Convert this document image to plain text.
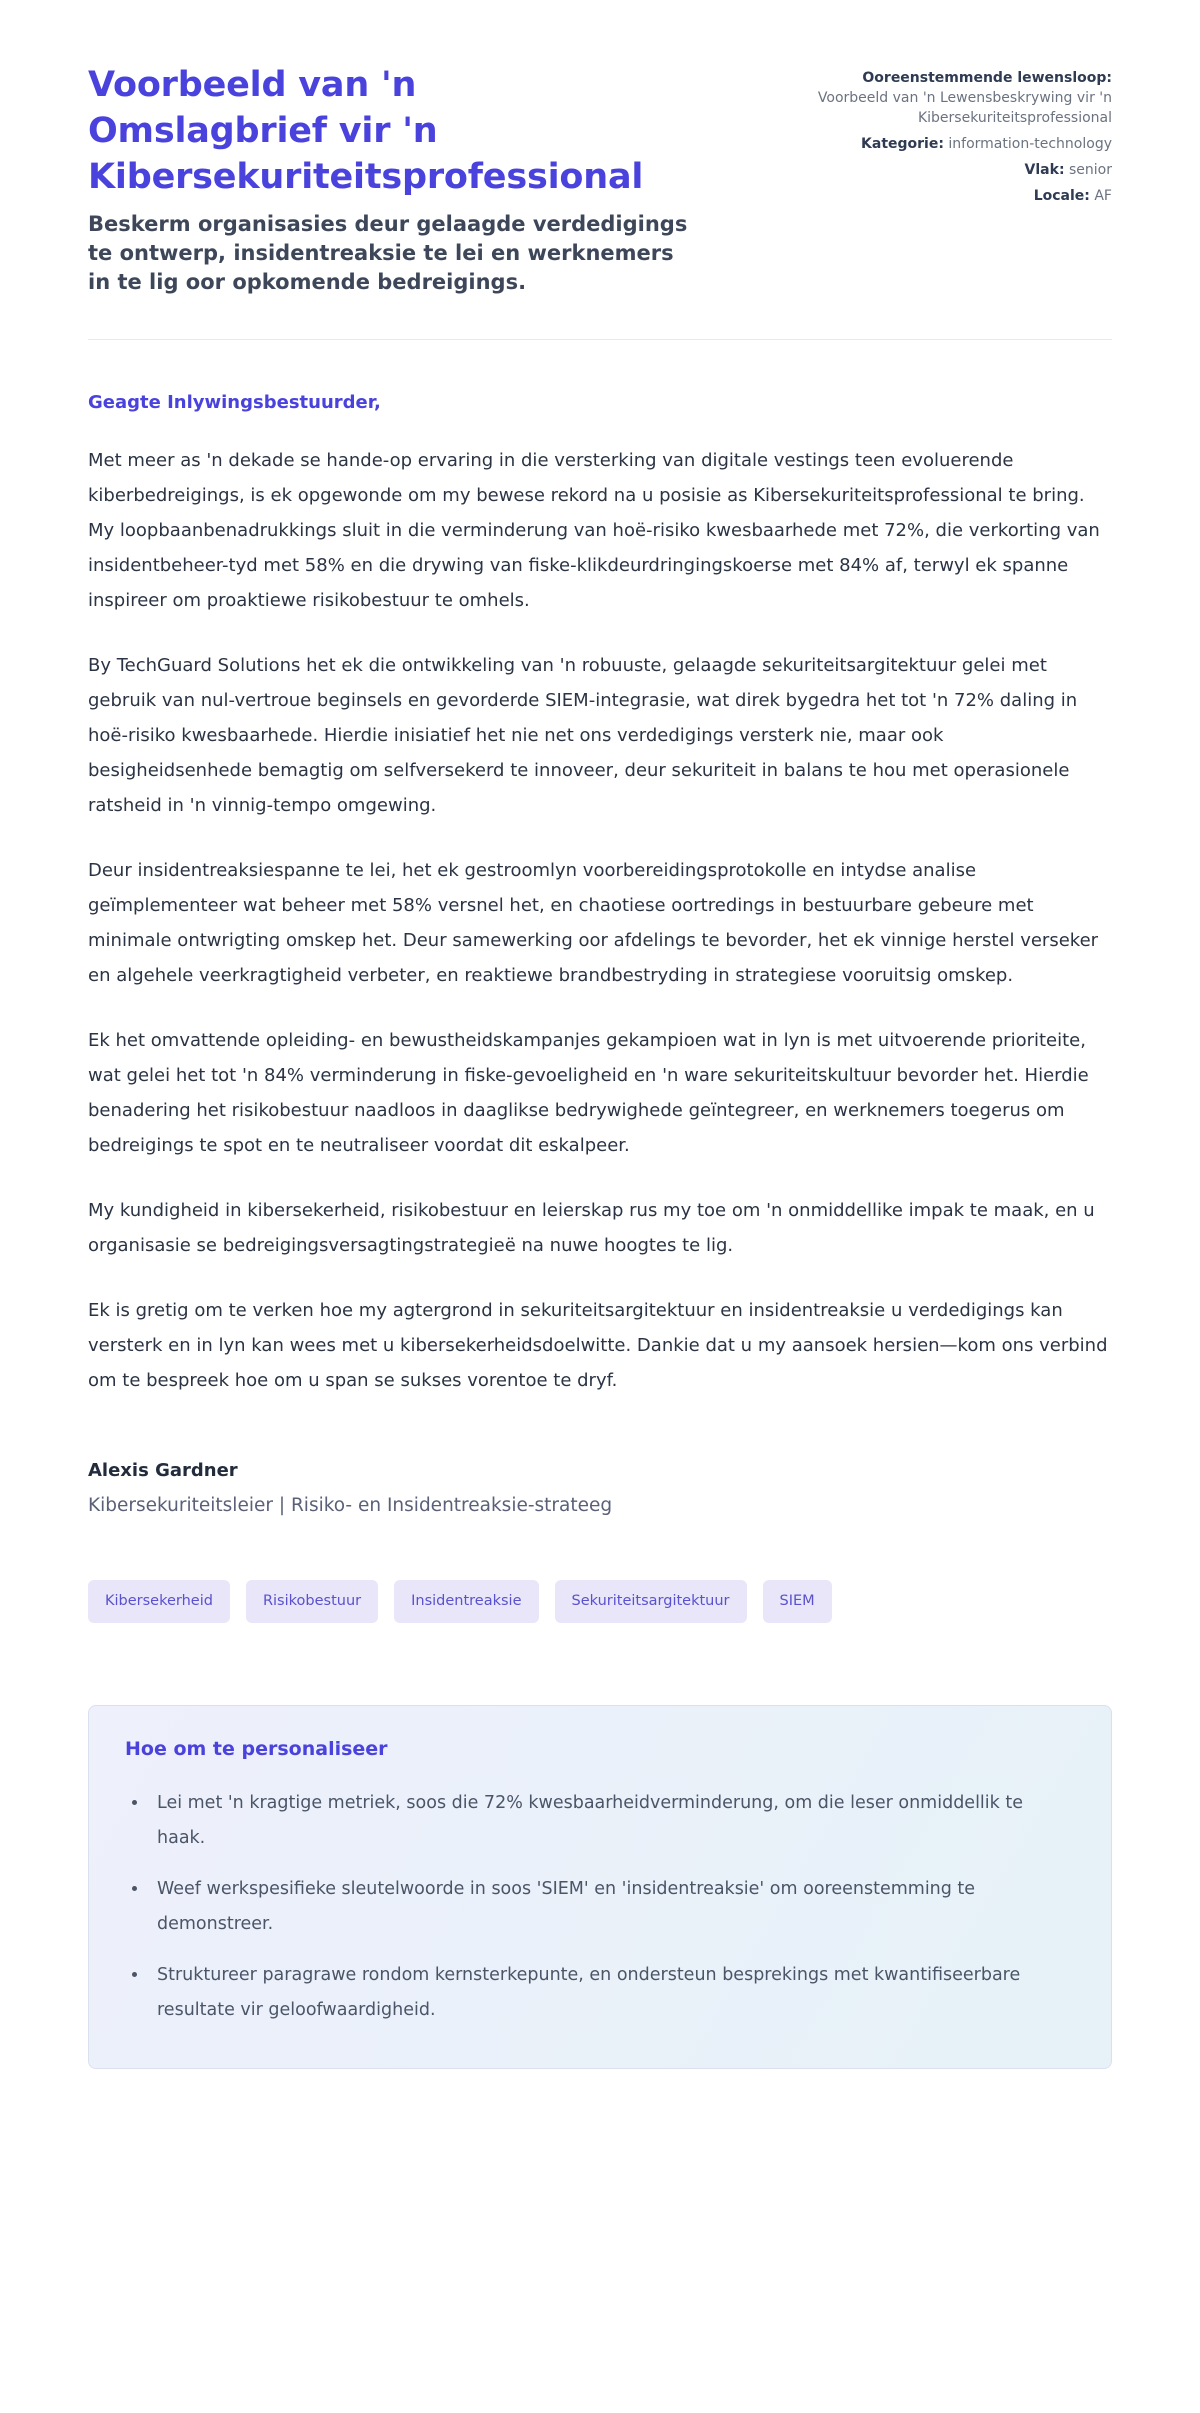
Voorbeeld van 'n
Omslagbrief vir 'n
Kibersekuriteitsprofessional

Beskerm organisasies deur gelaagde verdedigings te ontwerp, insidentreaksie te lei en werknemers in te lig oor opkomende bedreigings.

Ooreenstemmende lewensloop: Voorbeeld van 'n Lewensbeskrywing vir 'n Kibersekuriteitsprofessional
Kategorie: information-technology
Vlak: senior
Locale: AF

Geagte Inlywingsbestuurder,

Met meer as 'n dekade se hande-op ervaring in die versterking van digitale vestings teen evoluerende kiberbedreigings, is ek opgewonde om my bewese rekord na u posisie as Kibersekuriteitsprofessional te bring. My loopbaanbenadrukkings sluit in die verminderung van hoë-risiko kwesbaarhede met 72%, die verkorting van insidentbeheer-tyd met 58% en die drywing van fiske-klikdeurdringingskoerse met 84% af, terwyl ek spanne inspireer om proaktiewe risikobestuur te omhels.

By TechGuard Solutions het ek die ontwikkeling van 'n robuuste, gelaagde sekuriteitsargitektuur gelei met gebruik van nul-vertroue beginsels en gevorderde SIEM-integrasie, wat direk bygedra het tot 'n 72% daling in hoë-risiko kwesbaarhede. Hierdie inisiatief het nie net ons verdedigings versterk nie, maar ook besigheidsenhede bemagtig om selfversekerd te innoveer, deur sekuriteit in balans te hou met operasionele ratsheid in 'n vinnig-tempo omgewing.

Deur insidentreaksiespanne te lei, het ek gestroomlyn voorbereidingsprotokolle en intydse analise geïmplementeer wat beheer met 58% versnel het, en chaotiese oortredings in bestuurbare gebeure met minimale ontwrigting omskep het. Deur samewerking oor afdelings te bevorder, het ek vinnige herstel verseker en algehele veerkragtigheid verbeter, en reaktiewe brandbestryding in strategiese vooruitsig omskep.

Ek het omvattende opleiding- en bewustheidskampanjes gekampioen wat in lyn is met uitvoerende prioriteite, wat gelei het tot 'n 84% verminderung in fiske-gevoeligheid en 'n ware sekuriteitskultuur bevorder het. Hierdie benadering het risikobestuur naadloos in daaglikse bedrywighede geïntegreer, en werknemers toegerus om bedreigings te spot en te neutraliseer voordat dit eskalpeer.

My kundigheid in kibersekerheid, risikobestuur en leierskap rus my toe om 'n onmiddellike impak te maak, en u organisasie se bedreigingsversagtingstrategieë na nuwe hoogtes te lig.

Ek is gretig om te verken hoe my agtergrond in sekuriteitsargitektuur en insidentreaksie u verdedigings kan versterk en in lyn kan wees met u kibersekerheidsdoelwitte. Dankie dat u my aansoek hersien—kom ons verbind om te bespreek hoe om u span se sukses vorentoe te dryf.

Alexis Gardner

Kibersekuriteitsleier | Risiko- en Insidentreaksie-strateeg

Kibersekerheid	Risikobestuur	Insidentreaksie	Sekuriteitsargitektuur	SIEM
Hoe om te personaliseer
• Lei met 'n kragtige metriek, soos die 72% kwesbaarheidverminderung, om die leser onmiddellik te haak.
• Weef werkspesifieke sleutelwoorde in soos 'SIEM' en 'insidentreaksie' om ooreenstemming te demonstreer.
• Struktureer paragrawe rondom kernsterkepunte, en ondersteun besprekings met kwantifiseerbare resultate vir geloofwaardigheid.
